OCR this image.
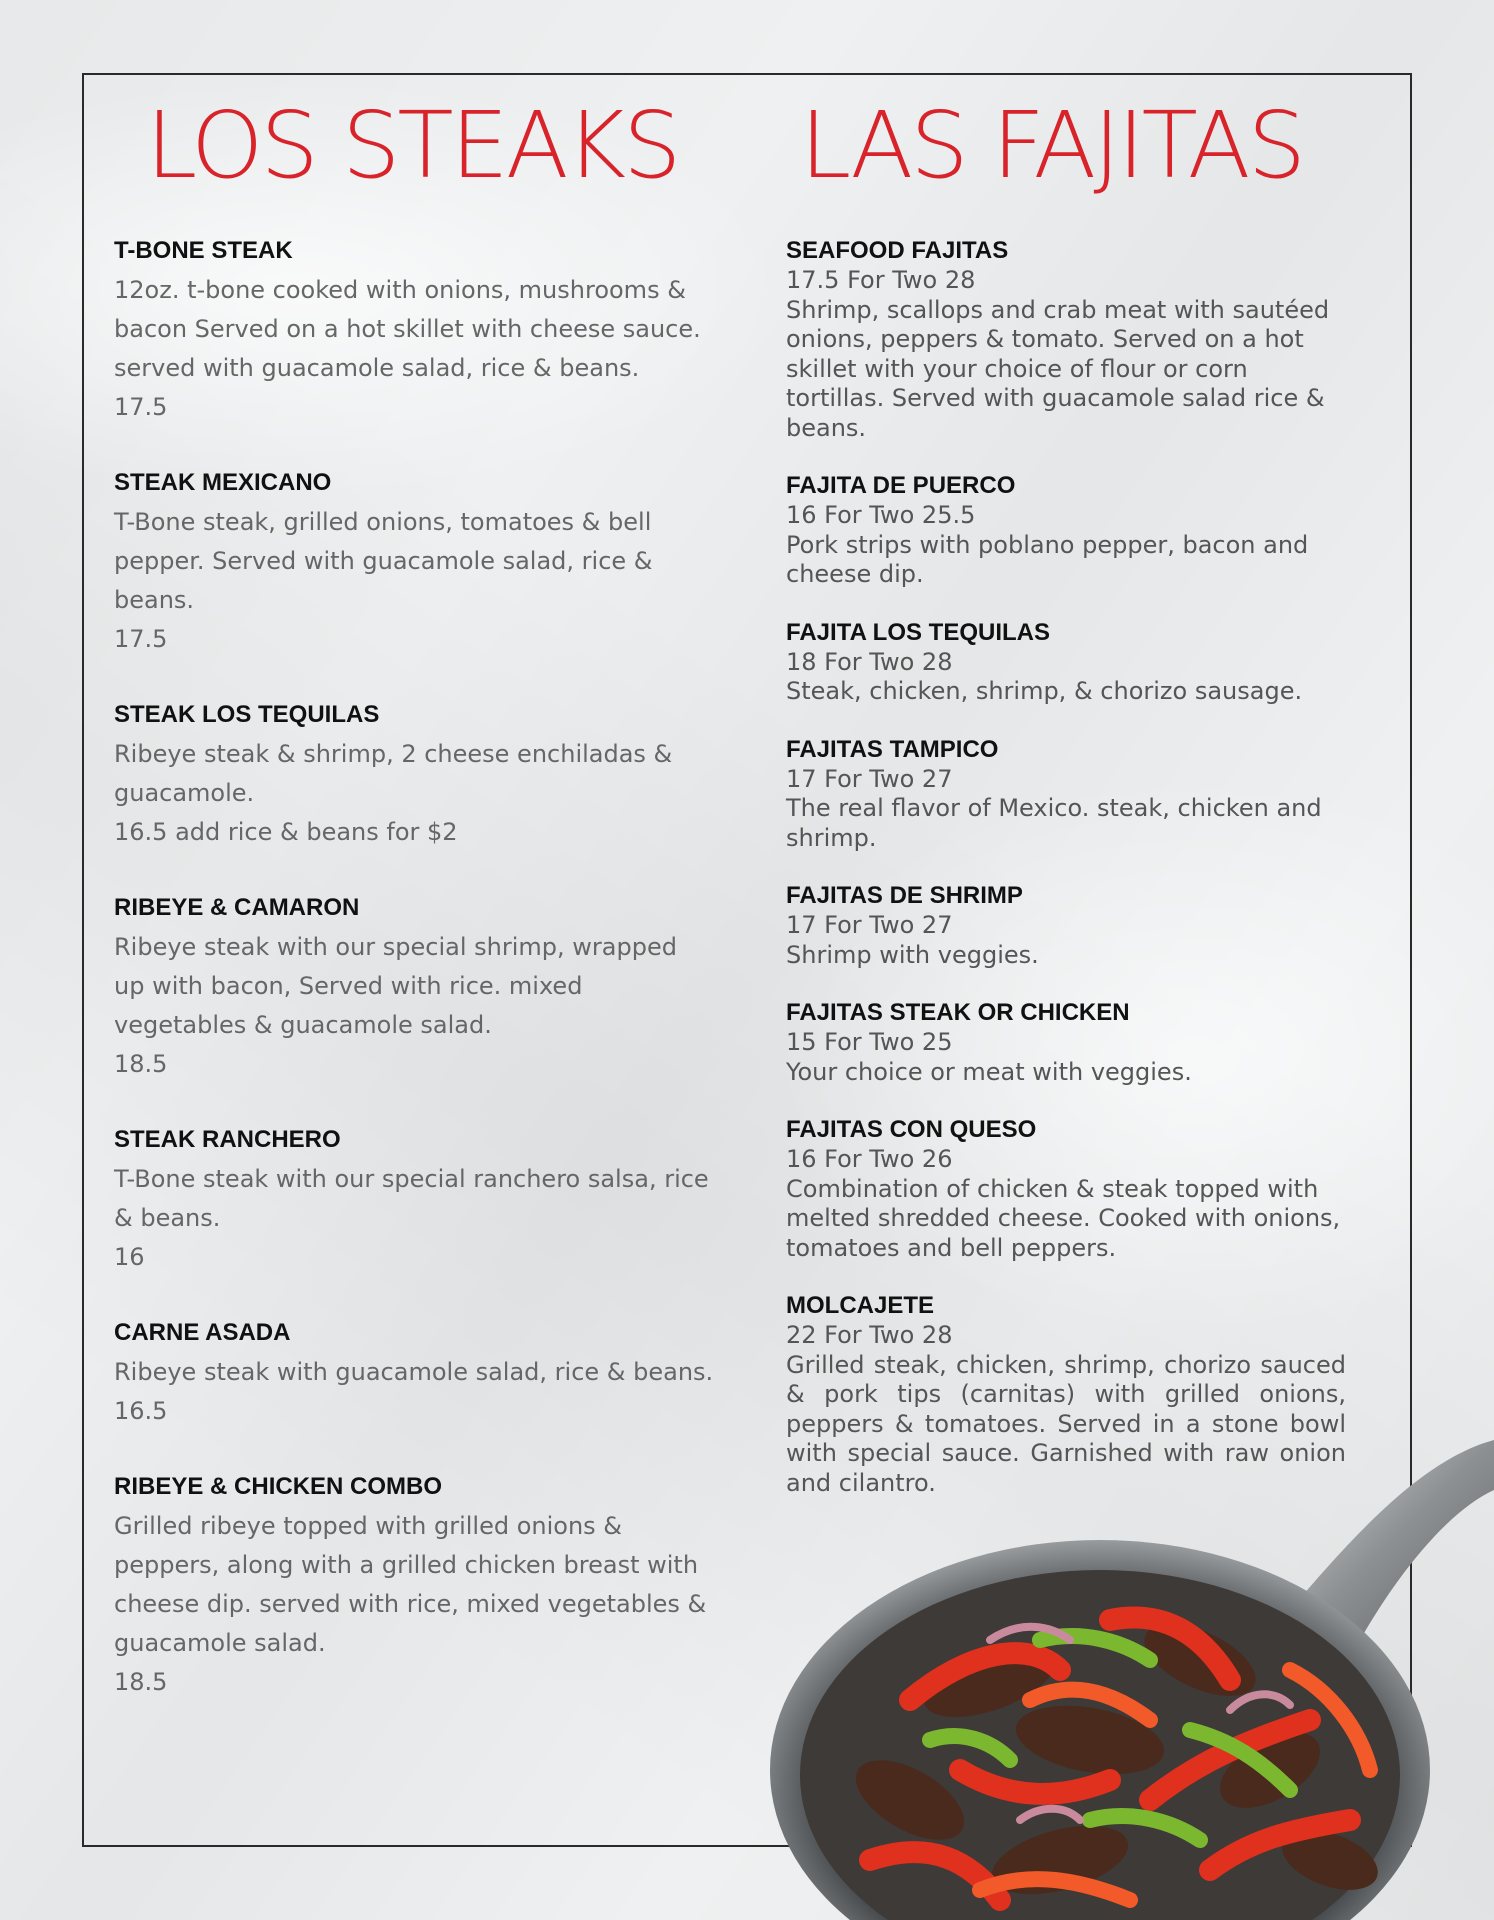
LOS STEAKS LAS FAJITAS

T-BONE STEAK

12oz. t-bone cooked with onions, mushrooms & bacon Served on a hot skillet with cheese sauce. served with guacamole salad, rice & beans.

17.5

STEAK MEXICANO

T-Bone steak, grilled onions, tomatoes & bell pepper. Served with guacamole salad, rice & beans.

17.5

STEAK LOS TEQUILAS

Ribeye steak & shrimp, 2 cheese enchiladas & guacamole.

16.5 add rice & beans for $2

RIBEYE & CAMARON

Ribeye steak with our special shrimp, wrapped up with bacon, Served with rice. mixed vegetables & guacamole salad.

18.5

STEAK RANCHERO

T-Bone steak with our special ranchero salsa, rice & beans.

16

CARNE ASADA

Ribeye steak with guacamole salad, rice & beans.

16.5

RIBEYE & CHICKEN COMBO

Grilled ribeye topped with grilled onions & peppers, along with a grilled chicken breast with cheese dip. served with rice, mixed vegetables & guacamole salad.

18.5

SEAFOOD FAJITAS

17.5 For Two 28

Shrimp, scallops and crab meat with sautéed onions, peppers & tomato. Served on a hot skillet with your choice of flour or corn tortillas. Served with guacamole salad rice & beans.

FAJITA DE PUERCO

16 For Two 25.5

Pork strips with poblano pepper, bacon and cheese dip.

FAJITA LOS TEQUILAS

18 For Two 28

Steak, chicken, shrimp, & chorizo sausage.

FAJITAS TAMPICO

17 For Two 27

The real flavor of Mexico. steak, chicken and shrimp.

FAJITAS DE SHRIMP

17 For Two 27

Shrimp with veggies.

FAJITAS STEAK OR CHICKEN

15 For Two 25

Your choice or meat with veggies.

FAJITAS CON QUESO

16 For Two 26

Combination of chicken & steak topped with melted shredded cheese. Cooked with onions, tomatoes and bell peppers.

MOLCAJETE

22 For Two 28

Grilled steak, chicken, shrimp, chorizo sauced & pork tips (carnitas) with grilled onions, peppers & tomatoes. Served in a stone bowl with special sauce. Garnished with raw onion and cilantro.
